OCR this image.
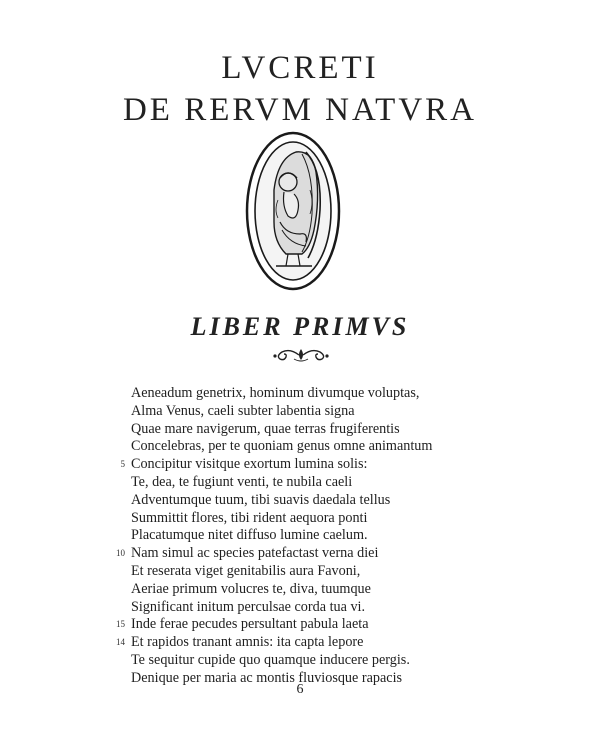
LVCRETI
DE RERVM NATVRA
LIBER PRIMVS
Aeneadum genetrix, hominum divumque voluptas,
Alma Venus, caeli subter labentia signa
Quae mare navigerum, quae terras frugiferentis
Concelebras, per te quoniam genus omne animantum
5 Concipitur visitque exortum lumina solis:
Te, dea, te fugiunt venti, te nubila caeli
Adventumque tuum, tibi suavis daedala tellus
Summittit flores, tibi rident aequora ponti
Placatumque nitet diffuso lumine caelum.
10 Nam simul ac species patefactast verna diei
Et reserata viget genitabilis aura Favoni,
Aeriae primum volucres te, diva, tuumque
Significant initum perculsae corda tua vi.
15 Inde ferae pecudes persultant pabula laeta
14 Et rapidos tranant amnis: ita capta lepore
Te sequitur cupide quo quamque inducere pergis.
Denique per maria ac montis fluviosque rapacis
6
